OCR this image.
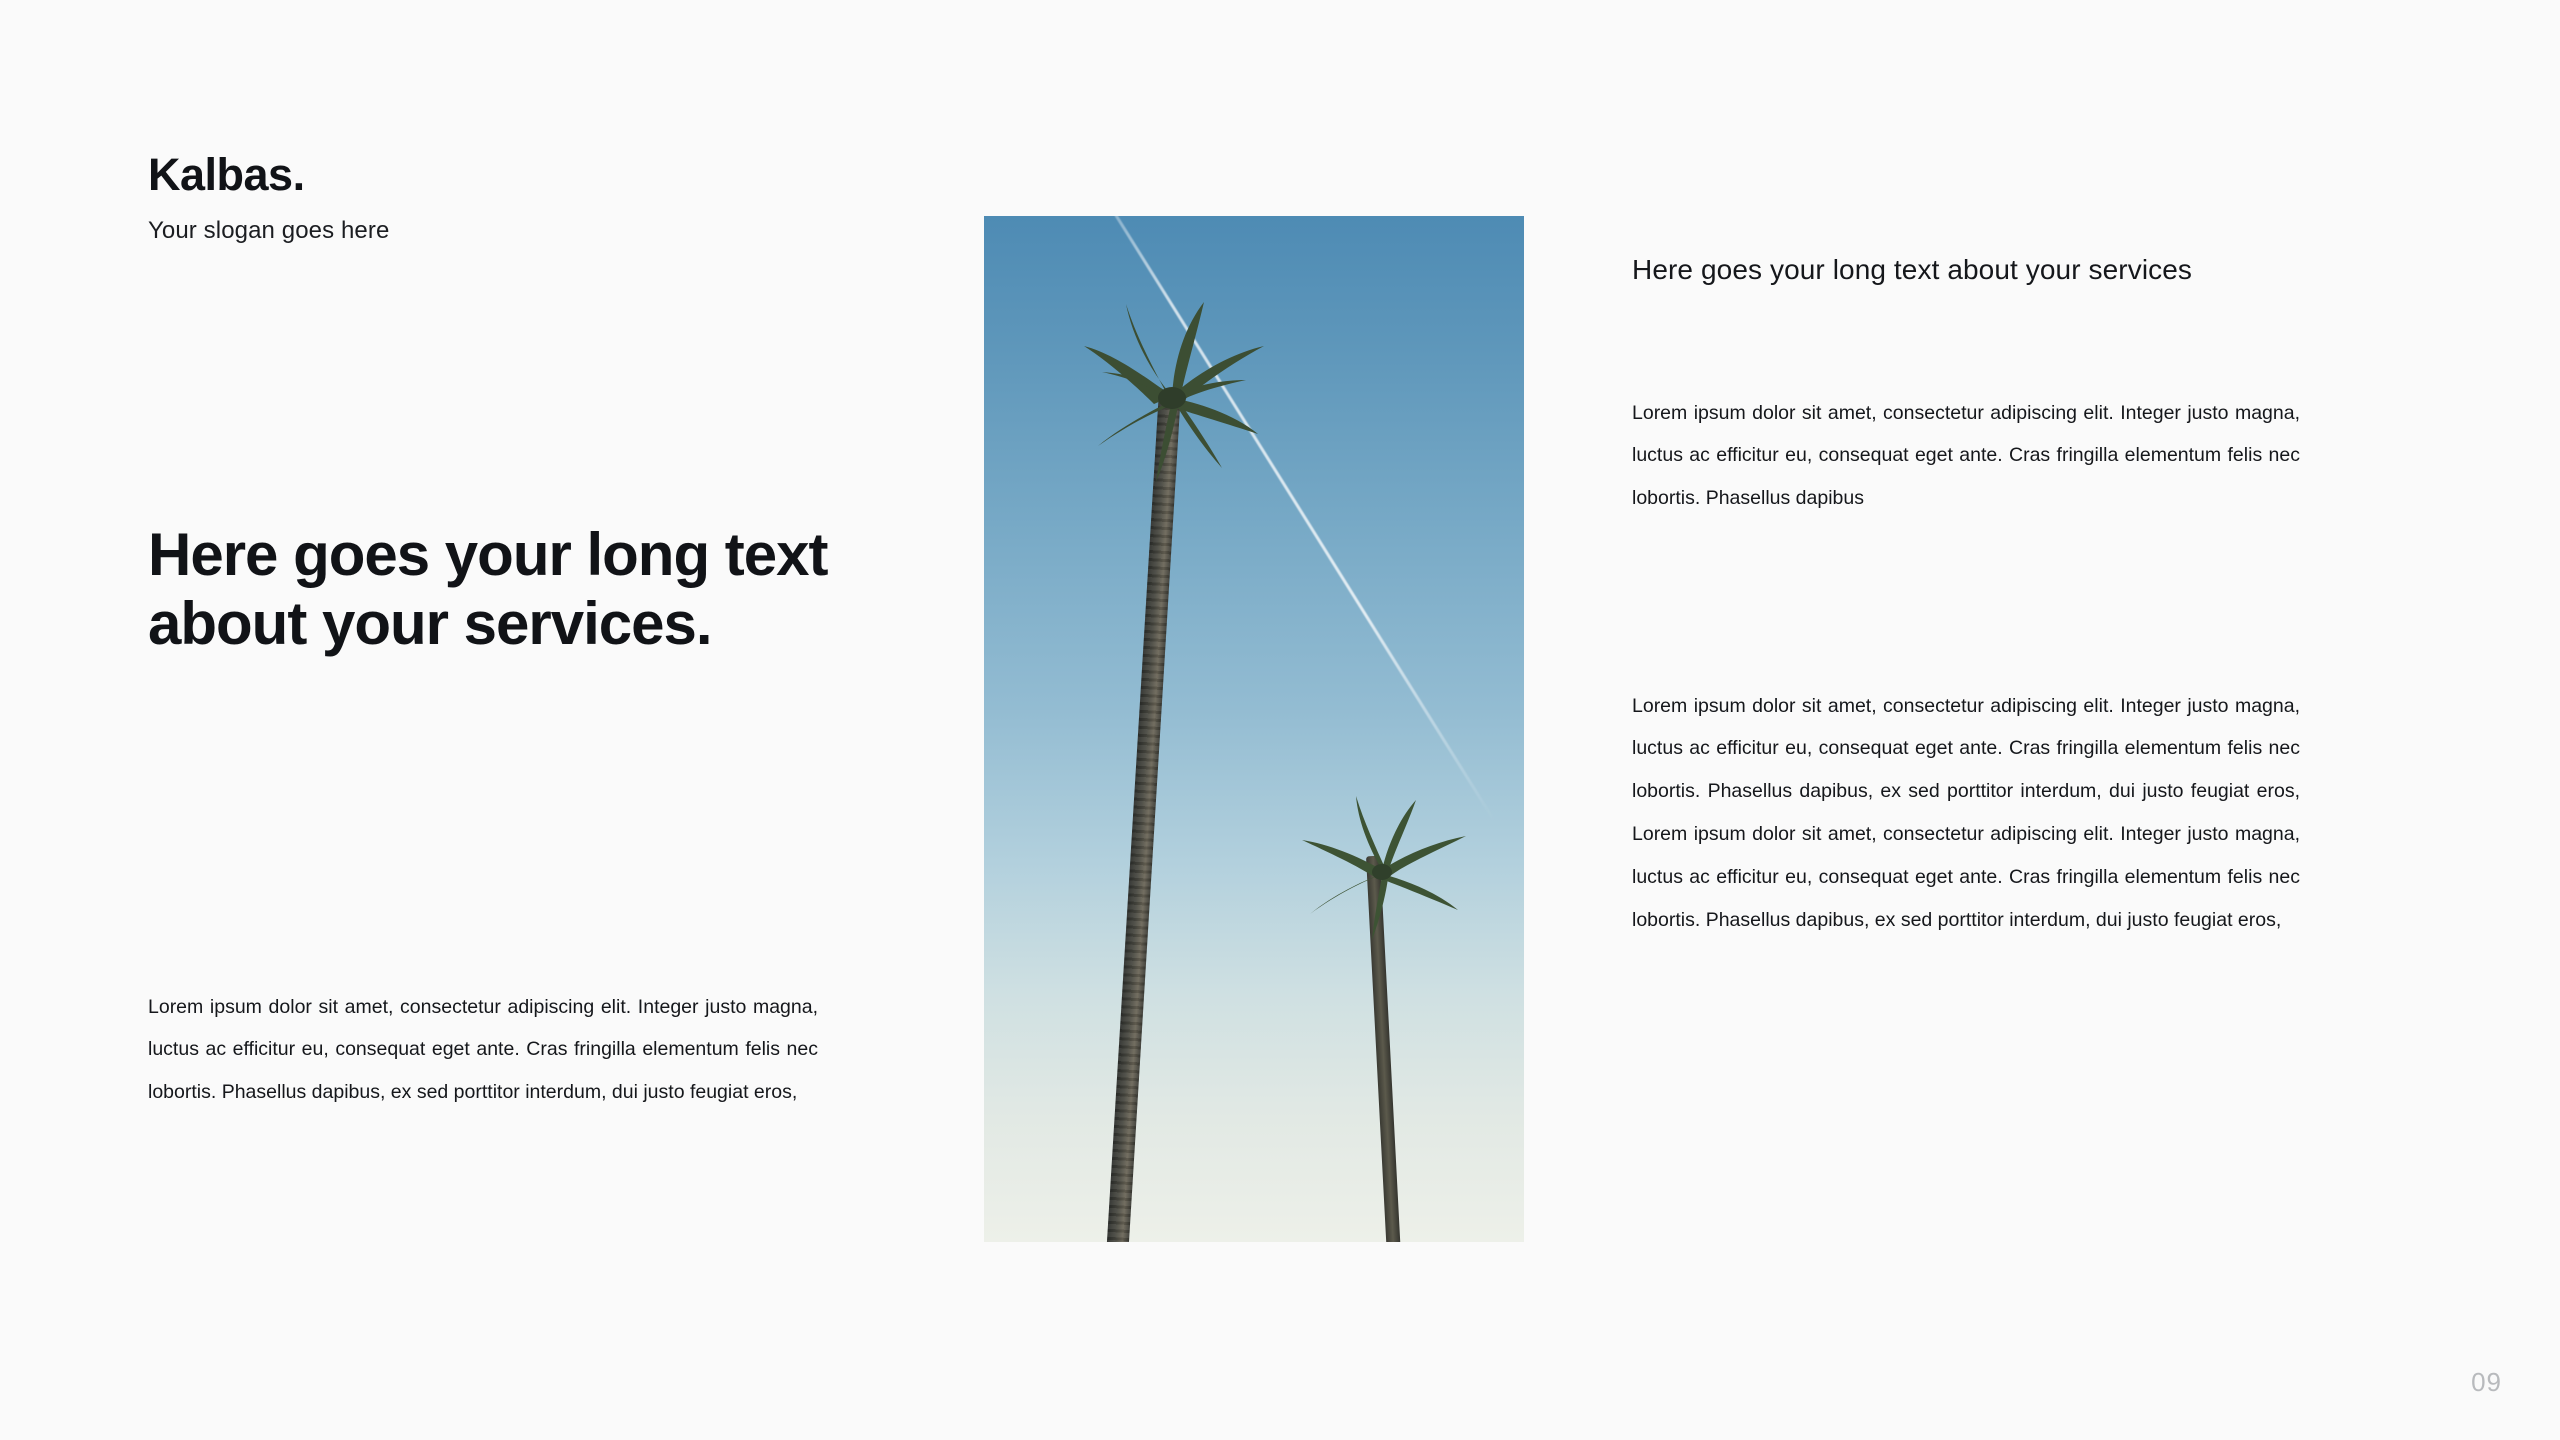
Kalbas.

Your slogan goes here

Here goes your long text about your services.

Lorem ipsum dolor sit amet, consectetur adipiscing elit. Integer justo magna, luctus ac efficitur eu, consequat eget ante. Cras fringilla elementum felis nec lobortis. Phasellus dapibus, ex sed porttitor interdum, dui justo feugiat eros,

Here goes your long text about your services

Lorem ipsum dolor sit amet, consectetur adipiscing elit. Integer justo magna, luctus ac efficitur eu, consequat eget ante. Cras fringilla elementum felis nec lobortis. Phasellus dapibus

Lorem ipsum dolor sit amet, consectetur adipiscing elit. Integer justo magna, luctus ac efficitur eu, consequat eget ante. Cras fringilla elementum felis nec lobortis. Phasellus dapibus, ex sed porttitor interdum, dui justo feugiat eros, Lorem ipsum dolor sit amet, consectetur adipiscing elit. Integer justo magna, luctus ac efficitur eu, consequat eget ante. Cras fringilla elementum felis nec lobortis. Phasellus dapibus, ex sed porttitor interdum, dui justo feugiat eros,

09
